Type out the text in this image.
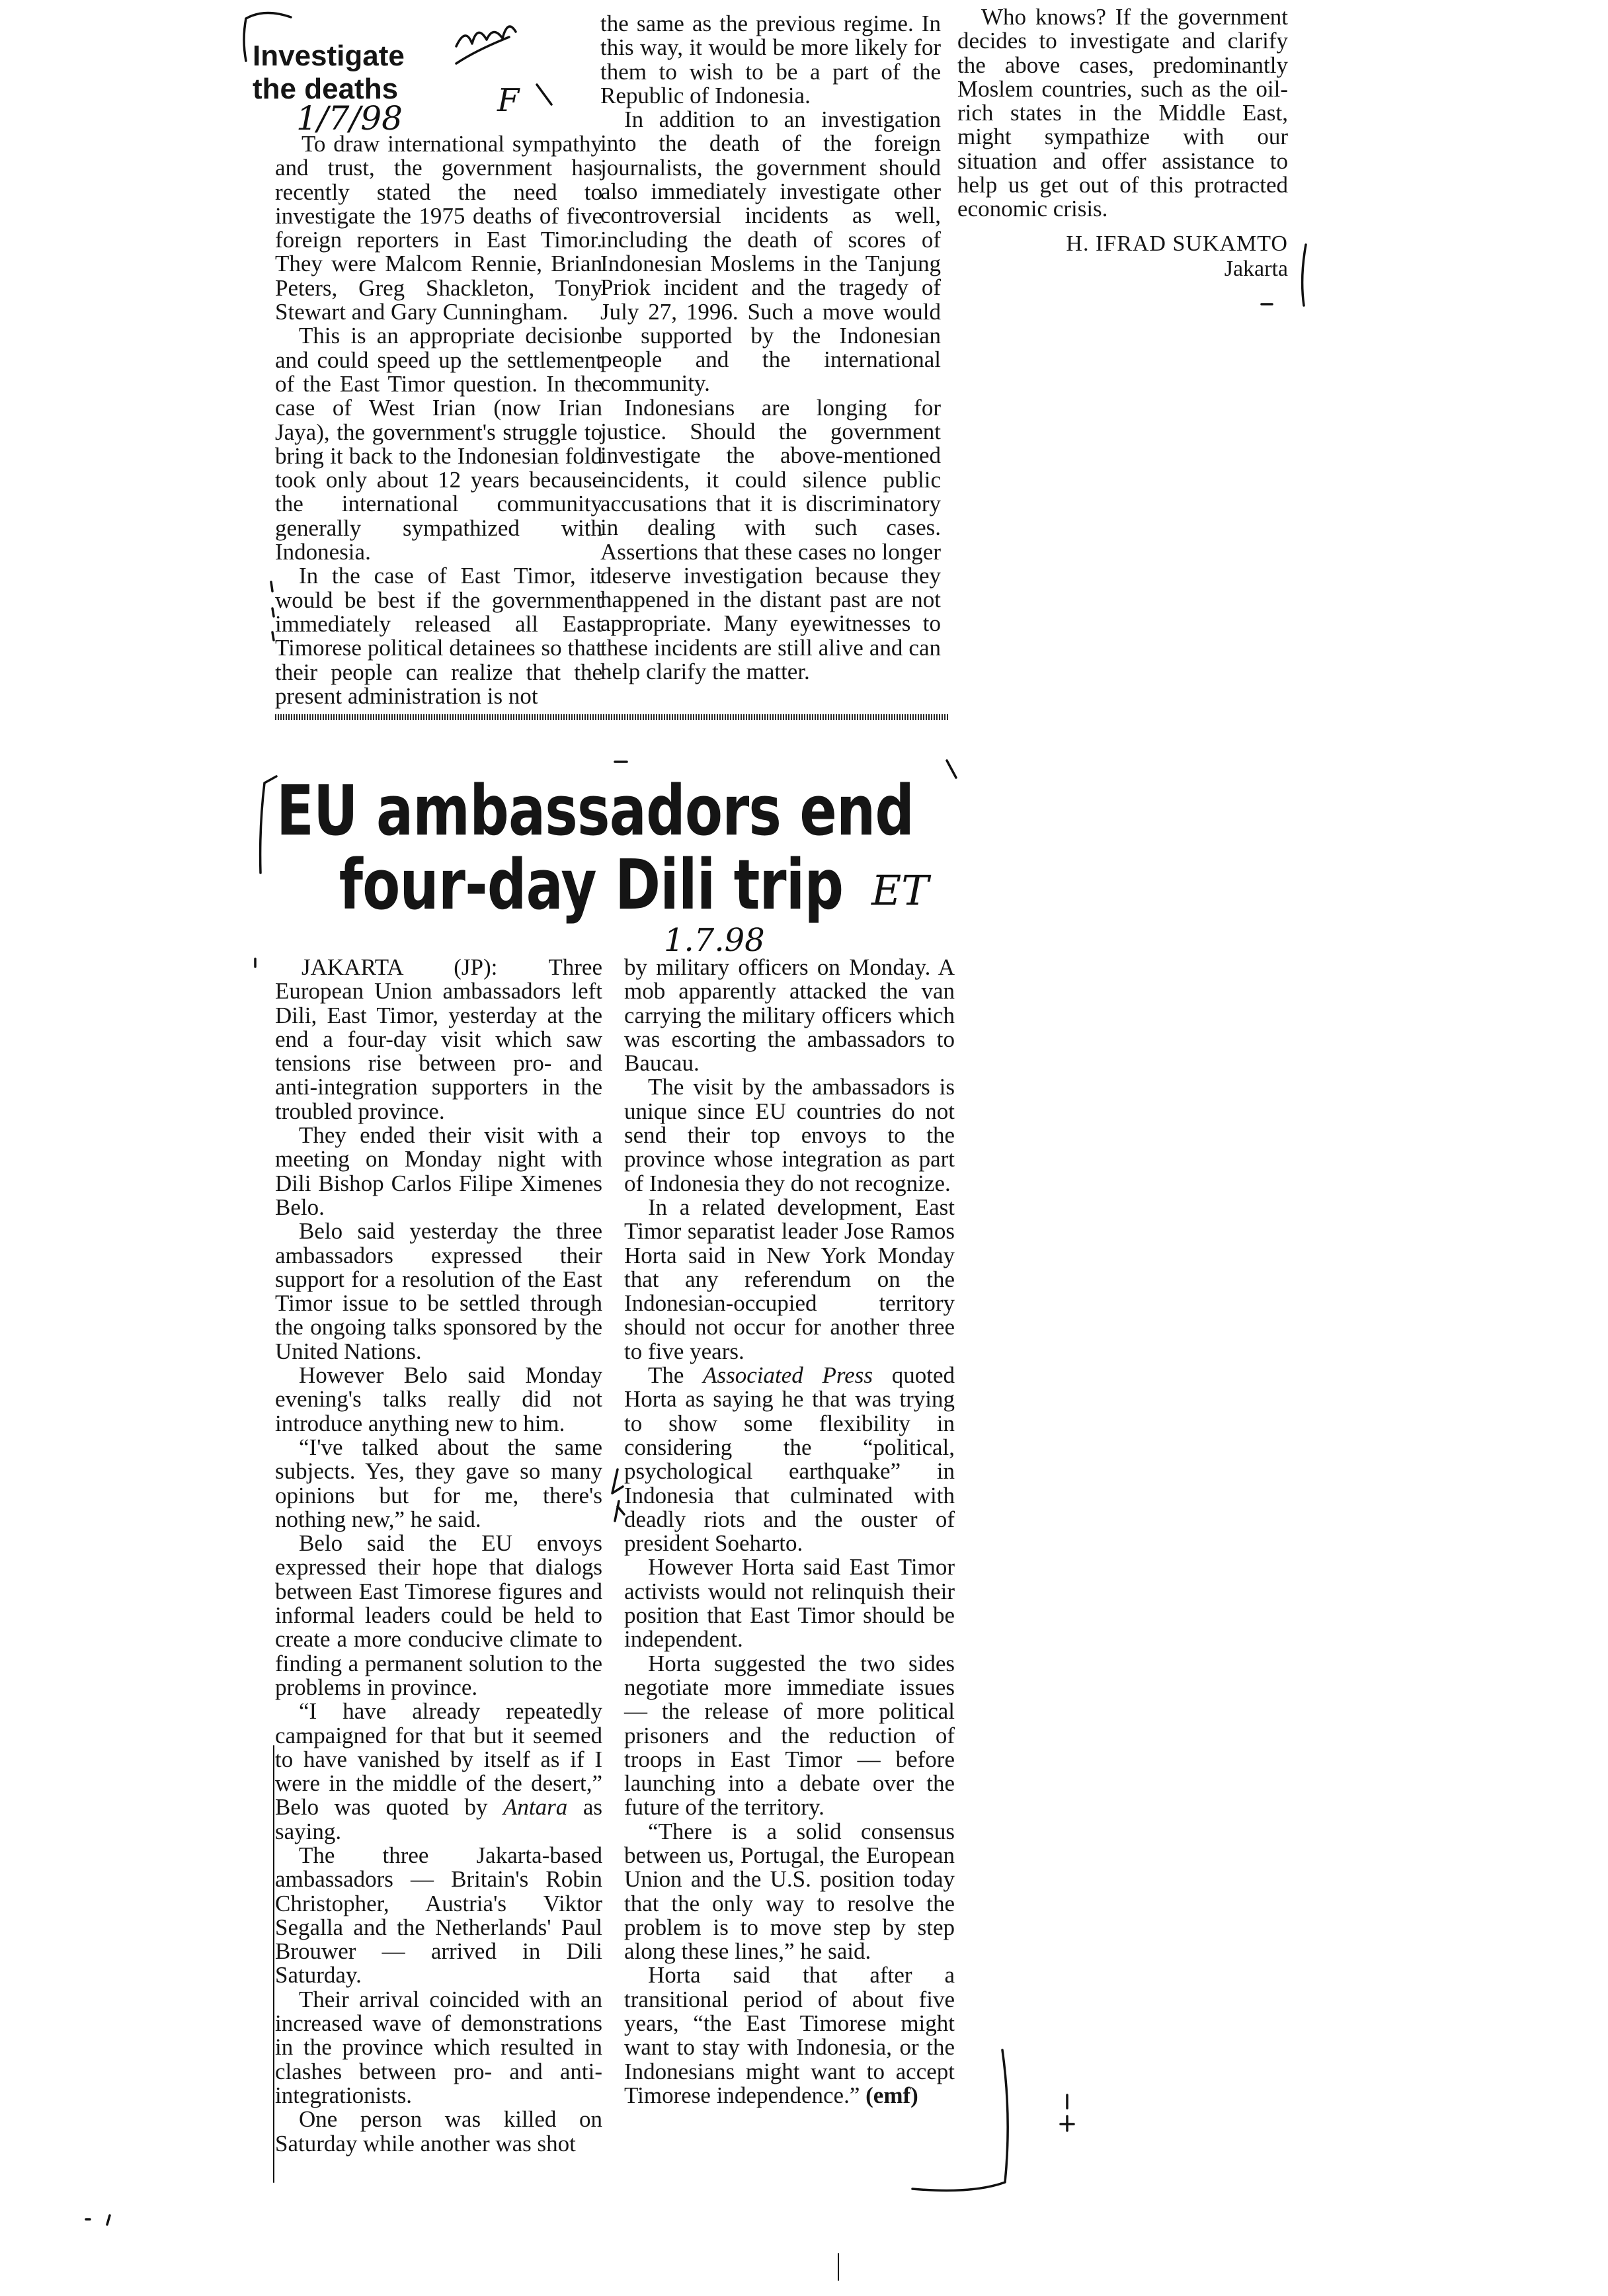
Investigate
the deaths

To draw international sympathy and trust, the government has recently stated the need to investigate the 1975 deaths of five foreign reporters in East Timor. They were Malcom Rennie, Brian Peters, Greg Shackleton, Tony Stewart and Gary Cunningham.

This is an appropriate decision and could speed up the settlement of the East Timor question. In the case of West Irian (now Irian Jaya), the government's struggle to bring it back to the Indonesian fold took only about 12 years because the international community generally sympathized with Indonesia.

In the case of East Timor, it would be best if the government immediately released all East Timorese political detainees so that their people can realize that the present administration is not

the same as the previous regime. In this way, it would be more likely for them to wish to be a part of the Republic of Indonesia.

In addition to an investigation into the death of the foreign journalists, the government should also immediately investigate other controversial incidents as well, including the death of scores of Indonesian Moslems in the Tanjung Priok incident and the tragedy of July 27, 1996. Such a move would be supported by the Indonesian people and the international community.

Indonesians are longing for justice. Should the government investigate the above-mentioned incidents, it could silence public accusations that it is discriminatory in dealing with such cases. Assertions that these cases no longer deserve investigation because they happened in the distant past are not appropriate. Many eyewitnesses to these incidents are still alive and can help clarify the matter.

Who knows? If the government decides to investigate and clarify the above cases, predominantly Moslem countries, such as the oil-rich states in the Middle East, might sympathize with our situation and offer assistance to help us get out of this protracted economic crisis.

H. IFRAD SUKAMTO
Jakarta
EU ambassadors end
four-day Dili trip

JAKARTA (JP): Three European Union ambassadors left Dili, East Timor, yesterday at the end a four-day visit which saw tensions rise between pro- and anti-integration supporters in the troubled province.

They ended their visit with a meeting on Monday night with Dili Bishop Carlos Filipe Ximenes Belo.

Belo said yesterday the three ambassadors expressed their support for a resolution of the East Timor issue to be settled through the ongoing talks sponsored by the United Nations.

However Belo said Monday evening's talks really did not introduce anything new to him.

“I've talked about the same subjects. Yes, they gave so many opinions but for me, there's nothing new,” he said.

Belo said the EU envoys expressed their hope that dialogs between East Timorese figures and informal leaders could be held to create a more conducive climate to finding a permanent solution to the problems in province.

“I have already repeatedly campaigned for that but it seemed to have vanished by itself as if I were in the middle of the desert,” Belo was quoted by Antara as saying.

The three Jakarta-based ambassadors — Britain's Robin Christopher, Austria's Viktor Segalla and the Netherlands' Paul Brouwer — arrived in Dili Saturday.

Their arrival coincided with an increased wave of demonstrations in the province which resulted in clashes between pro- and anti-integrationists.

One person was killed on Saturday while another was shot

by military officers on Monday. A mob apparently attacked the van carrying the military officers which was escorting the ambassadors to Baucau.

The visit by the ambassadors is unique since EU countries do not send their top envoys to the province whose integration as part of Indonesia they do not recognize.

In a related development, East Timor separatist leader Jose Ramos Horta said in New York Monday that any referendum on the Indonesian-occupied territory should not occur for another three to five years.

The Associated Press quoted Horta as saying he that was trying to show some flexibility in considering the “political, psychological earthquake” in Indonesia that culminated with deadly riots and the ouster of president Soeharto.

However Horta said East Timor activists would not relinquish their position that East Timor should be independent.

Horta suggested the two sides negotiate more immediate issues — the release of more political prisoners and the reduction of troops in East Timor — before launching into a debate over the future of the territory.

“There is a solid consensus between us, Portugal, the European Union and the U.S. position today that the only way to resolve the problem is to move step by step along these lines,” he said.

Horta said that after a transitional period of about five years, “the East Timorese might want to stay with Indonesia, or the Indonesians might want to accept Timorese independence.” (emf)

1/7/98	F
ET
1.7.98
